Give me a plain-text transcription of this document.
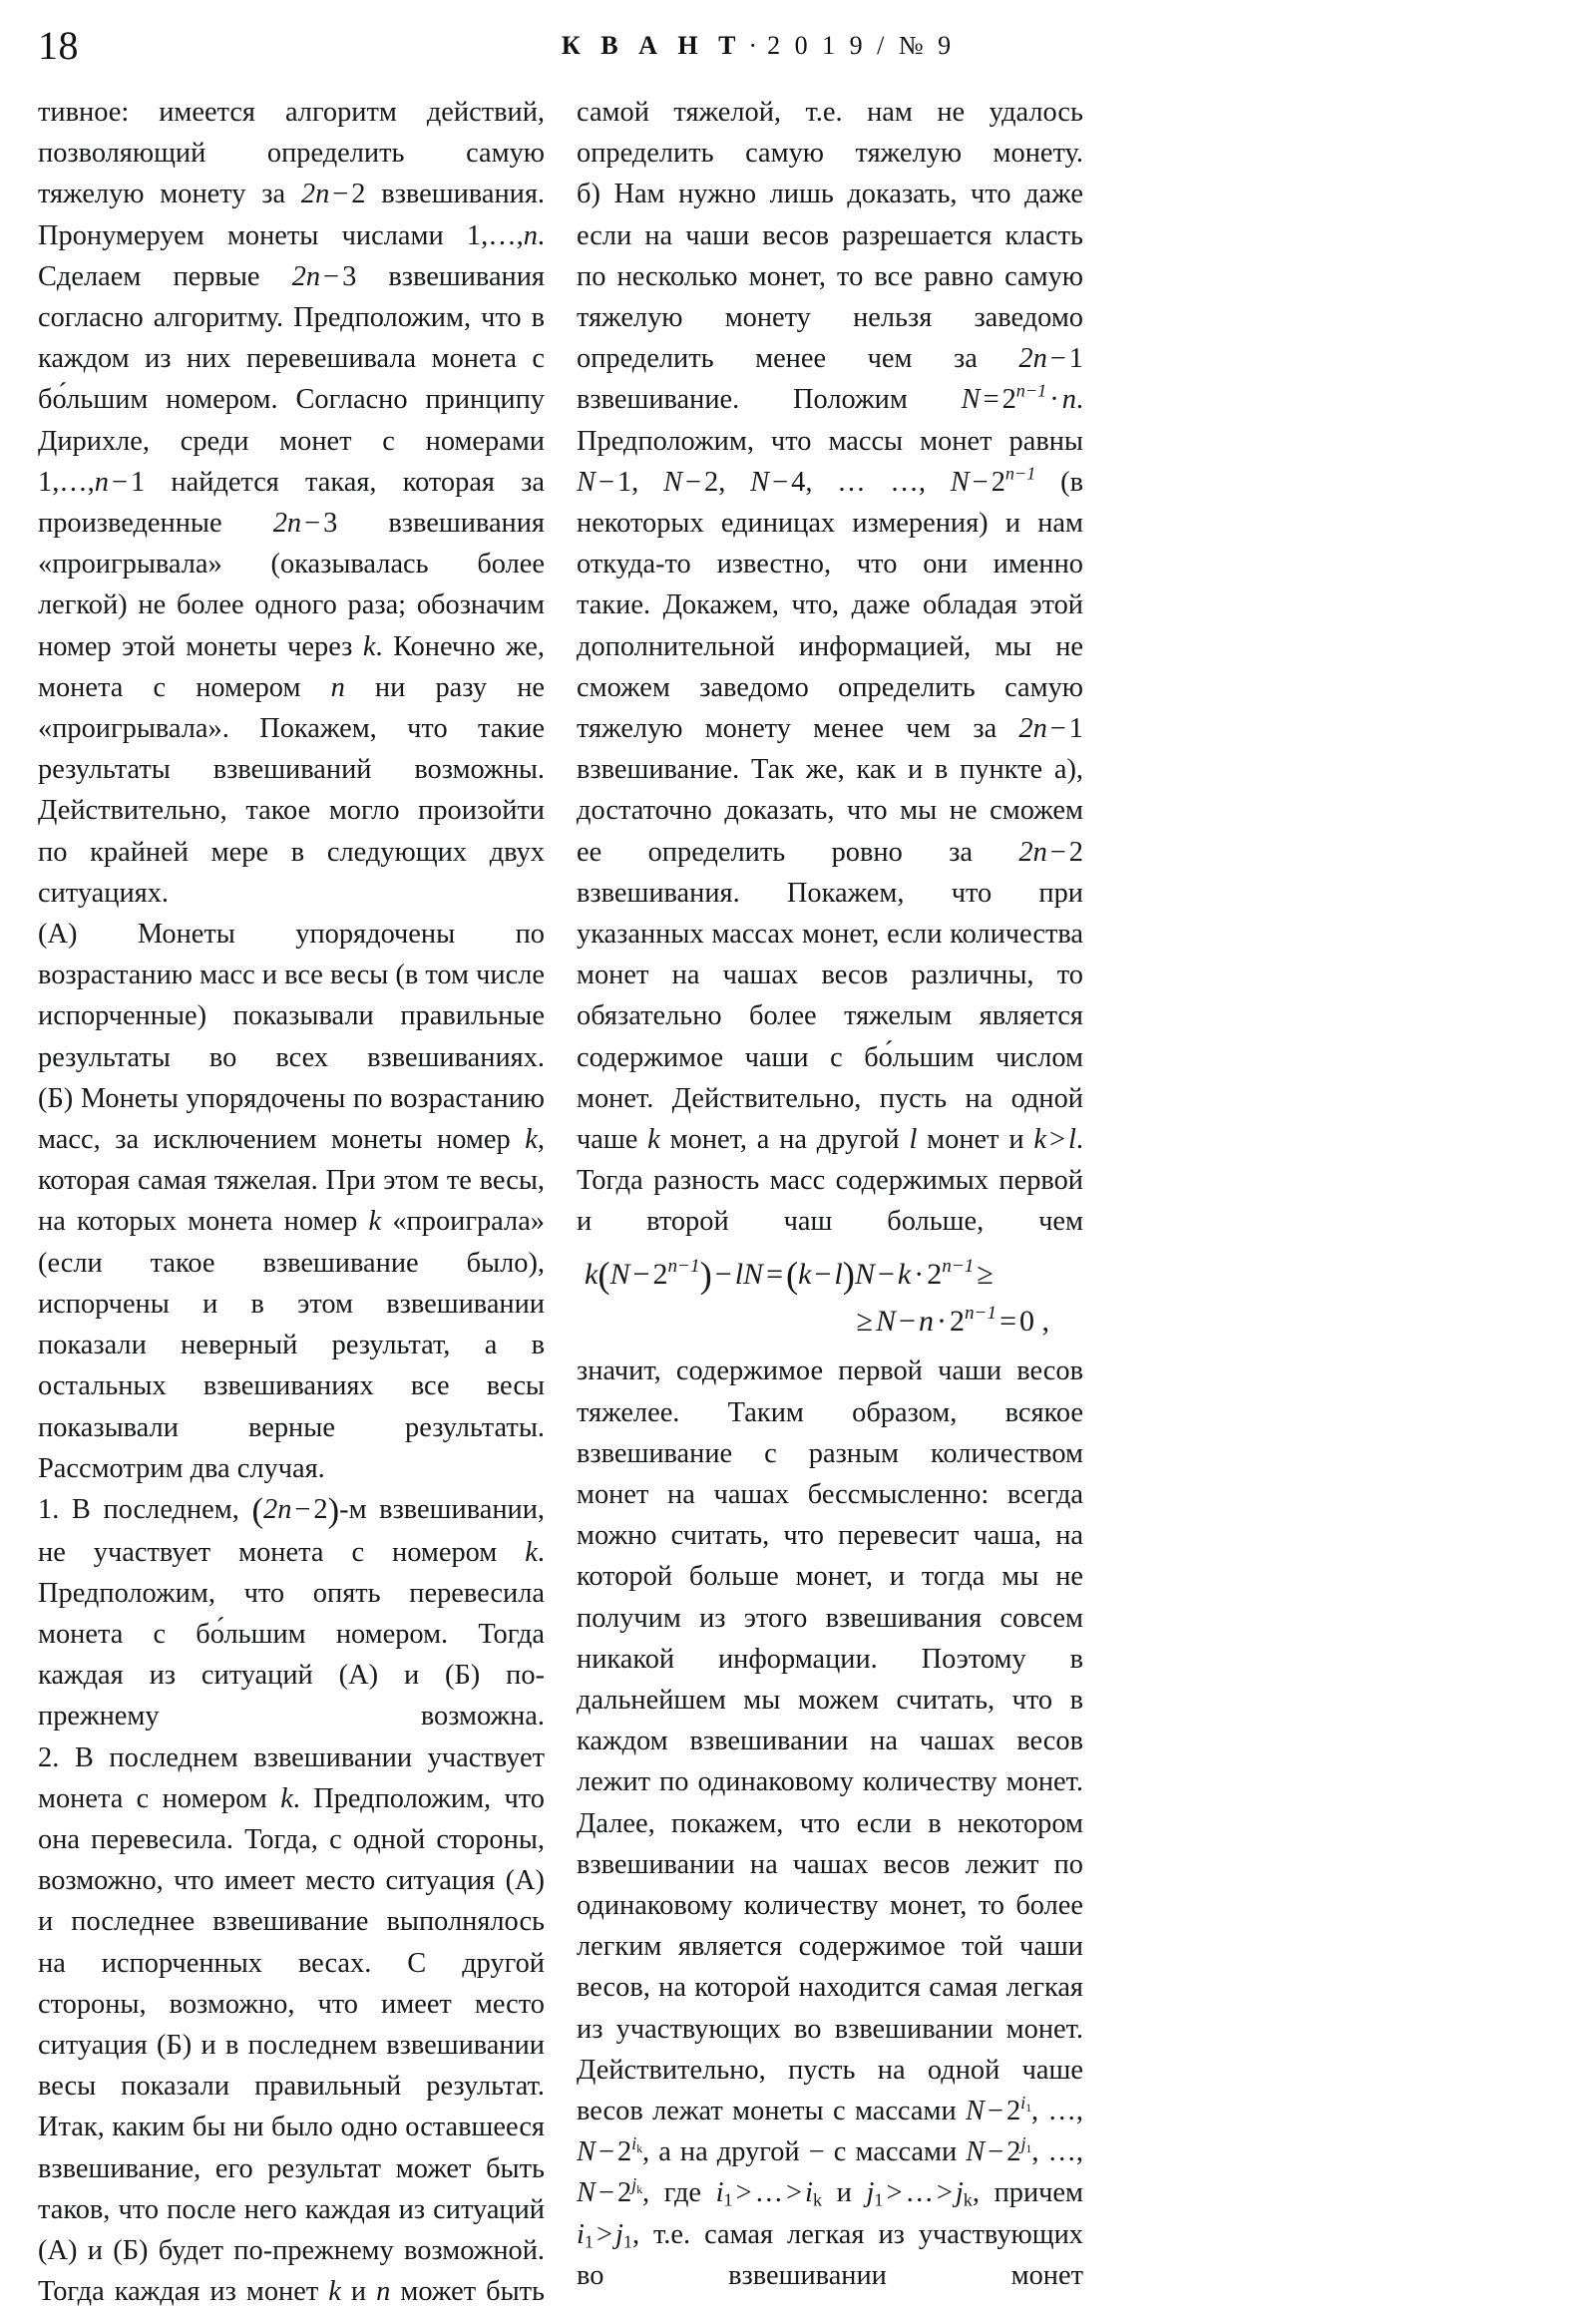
18	К В А Н Т · 2 0 1 9 / № 9

тивное: имеется алгоритм действий, позволяющий определить самую тяжелую монету за 2n − 2 взвешивания.

Пронумеруем монеты числами 1,…,n. Сделаем первые 2n − 3 взвешивания согласно алгоритму. Предположим, что в каждом из них перевешивала монета с бо́льшим номером. Согласно принципу Дирихле, среди монет с номерами 1,…,n − 1 найдется такая, которая за произведенные 2n − 3 взвешивания «проигрывала» (оказывалась более легкой) не более одного раза; обозначим номер этой монеты через k. Конечно же, монета с номером n ни разу не «проигрывала». Покажем, что такие результаты взвешиваний возможны. Действительно, такое могло произойти по крайней мере в следующих двух ситуациях.

(А) Монеты упорядочены по возрастанию масс и все весы (в том числе испорченные) показывали правильные результаты во всех взвешиваниях.

(Б) Монеты упорядочены по возрастанию масс, за исключением монеты номер k, которая самая тяжелая. При этом те весы, на которых монета номер k «проиграла» (если такое взвешивание было), испорчены и в этом взвешивании показали неверный результат, а в остальных взвешиваниях все весы показывали верные результаты.

Рассмотрим два случая.

1. В последнем, (2n − 2)-м взвешивании, не участвует монета с номером k. Предположим, что опять перевесила монета с бо́льшим номером. Тогда каждая из ситуаций (А) и (Б) по-прежнему возможна.

2. В последнем взвешивании участвует монета с номером k. Предположим, что она перевесила. Тогда, с одной стороны, возможно, что имеет место ситуация (А) и последнее взвешивание выполнялось на испорченных весах. С другой стороны, возможно, что имеет место ситуация (Б) и в последнем взвешивании весы показали правильный результат.

Итак, каким бы ни было одно оставшееся взвешивание, его результат может быть таков, что после него каждая из ситуаций (А) и (Б) будет по-прежнему возможной. Тогда каждая из монет k и n может быть

самой тяжелой, т.е. нам не удалось определить самую тяжелую монету.

б) Нам нужно лишь доказать, что даже если на чаши весов разрешается класть по несколько монет, то все равно самую тяжелую монету нельзя заведомо определить менее чем за 2n − 1 взвешивание. Положим $N = 2^{n-1} \cdot n$. Предположим, что массы монет равны N − 1, N − 2, N − 4, … …, $N - 2^{n-1}$ (в некоторых единицах измерения) и нам откуда-то известно, что они именно такие. Докажем, что, даже обладая этой дополнительной информацией, мы не сможем заведомо определить самую тяжелую монету менее чем за 2n − 1 взвешивание. Так же, как и в пункте а), достаточно доказать, что мы не сможем ее определить ровно за 2n − 2 взвешивания. Покажем, что при указанных массах монет, если количества монет на чашах весов различны, то обязательно более тяжелым является содержимое чаши с бо́льшим числом монет. Действительно, пусть на одной чаше k монет, а на другой l монет и k > l. Тогда разность масс содержимых первой и второй чаш больше, чем

$k(N - 2^{n-1})$ − lN $=(k - l)N - k \cdot 2^{n-1}$ ≥
≥ $N - n \cdot 2^{n-1} = 0$ ,

значит, содержимое первой чаши весов тяжелее. Таким образом, всякое взвешивание с разным количеством монет на чашах бессмысленно: всегда можно считать, что перевесит чаша, на которой больше монет, и тогда мы не получим из этого взвешивания совсем никакой информации. Поэтому в дальнейшем мы можем считать, что в каждом взвешивании на чашах весов лежит по одинаковому количеству монет.

Далее, покажем, что если в некотором взвешивании на чашах весов лежит по одинаковому количеству монет, то более легким является содержимое той чаши весов, на которой находится самая легкая из участвующих во взвешивании монет. Действительно, пусть на одной чаше весов лежат монеты с массами $N - 2^{i_1}$, …, $N - 2^{i_k}$, а на другой − с массами $N - 2^{j_1}$, …, $N - 2^{j_k}$, где $i_1$ > … > $i_k$ и $j_1$ > … > $j_k$, причем $i_1 > j_1$, т.е. самая легкая из участвующих во взвешивании монет
